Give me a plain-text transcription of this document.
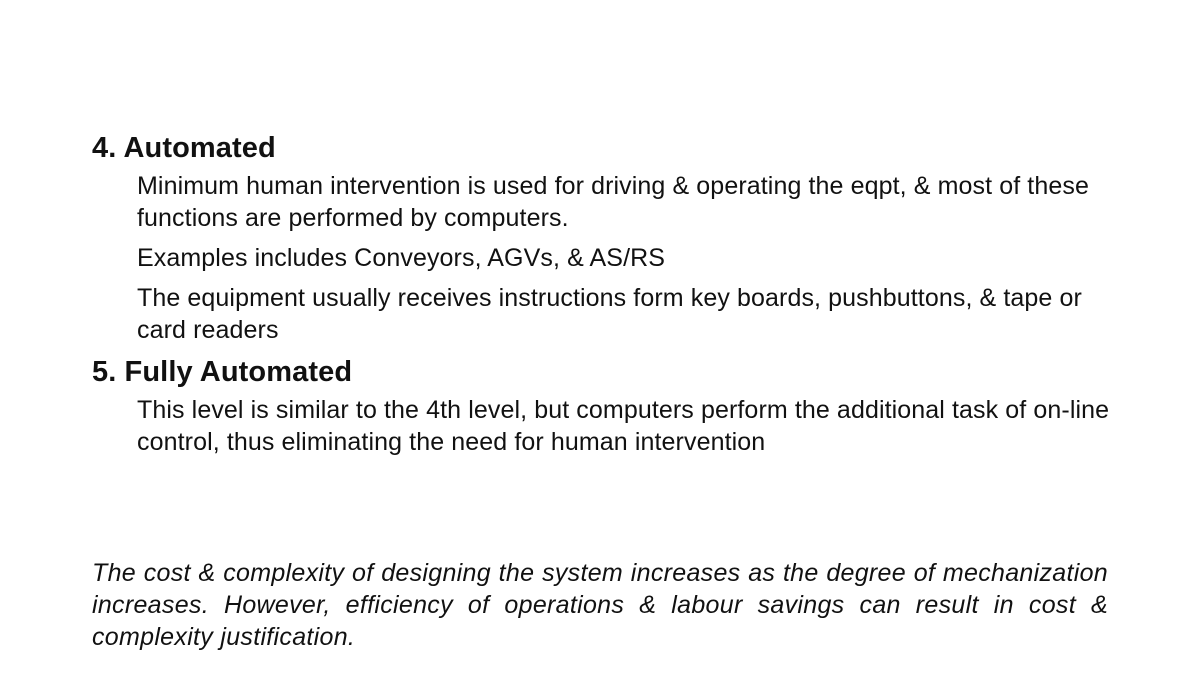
4. Automated
Minimum human intervention is used for driving & operating the eqpt, & most of these functions are performed by computers.
Examples includes Conveyors, AGVs, & AS/RS
The equipment usually receives instructions form key boards, pushbuttons, & tape or card readers
5. Fully Automated
This level is similar to the 4th level, but computers perform the additional task of on-line control, thus eliminating the need for human intervention

The cost & complexity of designing the system increases as the degree of mechanization increases. However, efficiency of operations & labour savings can result in cost & complexity justification.
